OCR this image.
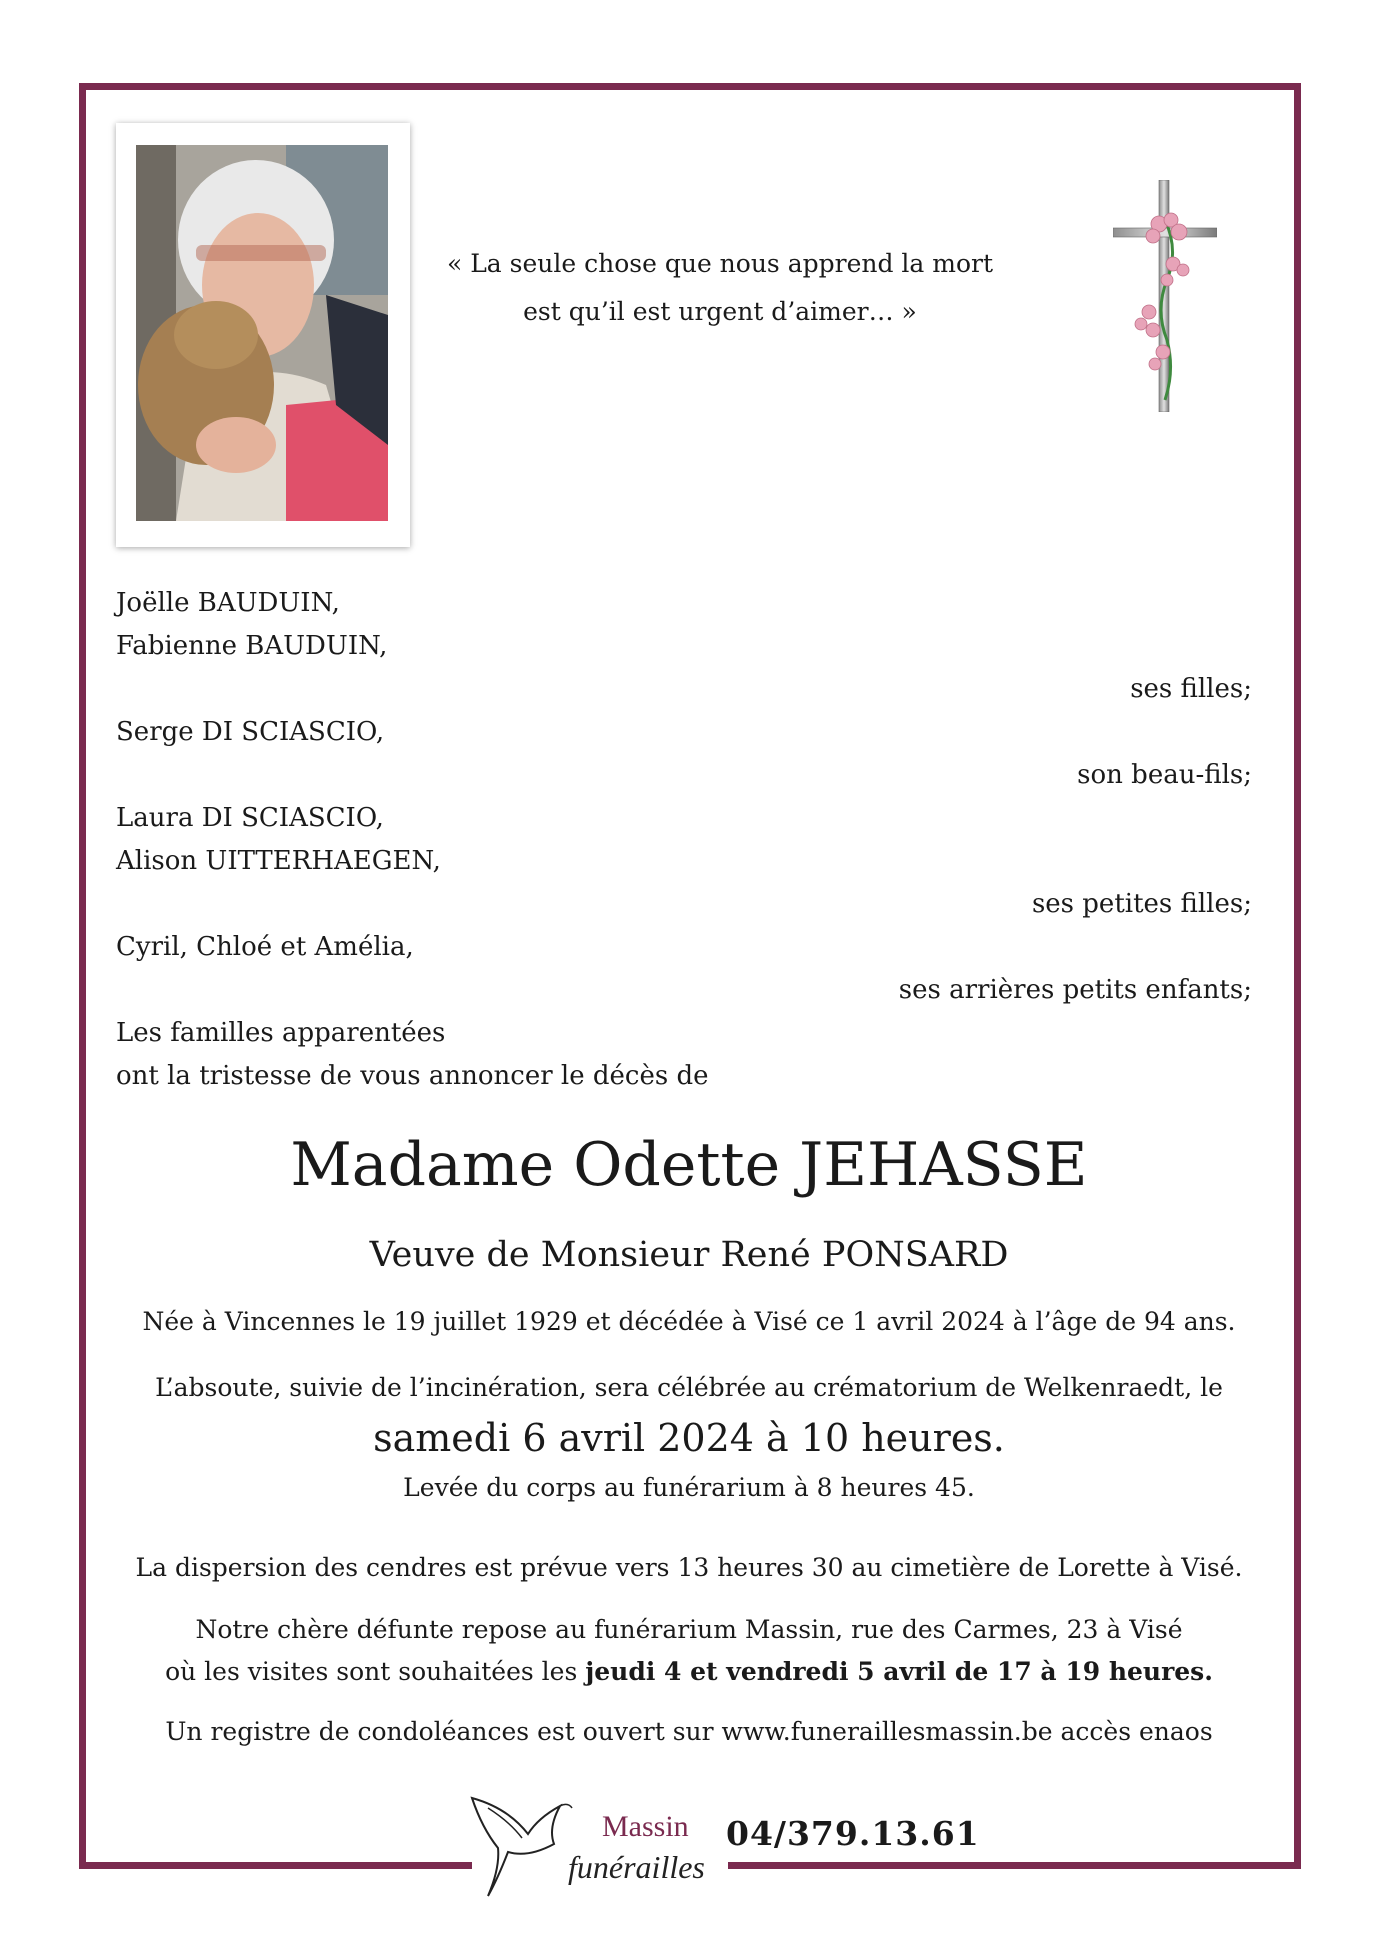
« La seule chose que nous apprend la mort
est qu’il est urgent d’aimer… »
Joëlle BAUDUIN,
Fabienne BAUDUIN,
ses filles;
Serge DI SCIASCIO,
son beau-fils;
Laura DI SCIASCIO,
Alison UITTERHAEGEN,
ses petites filles;
Cyril, Chloé et Amélia,
ses arrières petits enfants;
Les familles apparentées
ont la tristesse de vous annoncer le décès de
Madame Odette JEHASSE
Veuve de Monsieur René PONSARD
Née à Vincennes le 19 juillet 1929 et décédée à Visé ce 1 avril 2024 à l’âge de 94 ans.
L’absoute, suivie de l’incinération, sera célébrée au crématorium de Welkenraedt, le
samedi 6 avril 2024 à 10 heures.
Levée du corps au funérarium à 8 heures 45.
La dispersion des cendres est prévue vers 13 heures 30 au cimetière de Lorette à Visé.
Notre chère défunte repose au funérarium Massin, rue des Carmes, 23 à Visé
où les visites sont souhaitées les jeudi 4 et vendredi 5 avril de 17 à 19 heures.
Un registre de condoléances est ouvert sur www.funeraillesmassin.be accès enaos
Massin
funérailles
04/379.13.61
